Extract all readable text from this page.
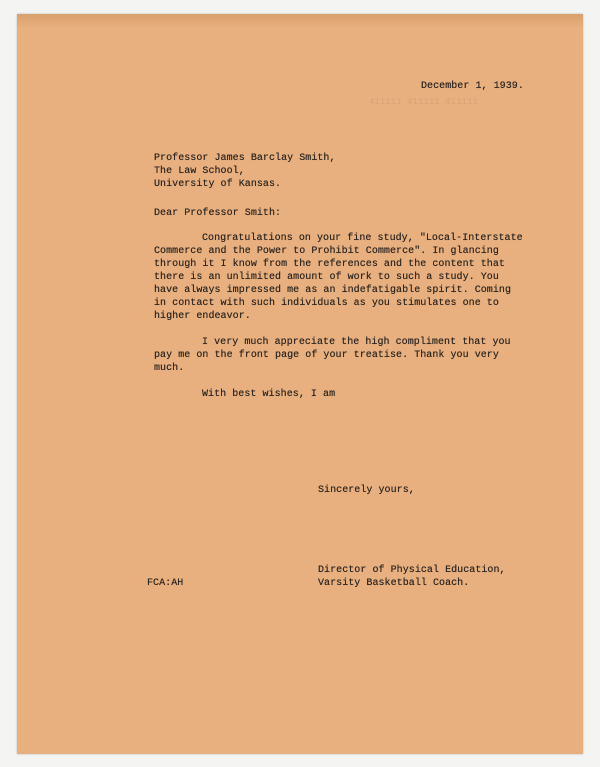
411111 411111 411111
December 1, 1939.
Professor James Barclay Smith,
The Law School,
University of Kansas.
Dear Professor Smith:
Congratulations on your fine study, "Local-Interstate
Commerce and the Power to Prohibit Commerce". In glancing
through it I know from the references and the content that
there is an unlimited amount of work to such a study. You
have always impressed me as an indefatigable spirit. Coming
in contact with such individuals as you stimulates one to
higher endeavor.
I very much appreciate the high compliment that you
pay me on the front page of your treatise. Thank you very
much.
With best wishes, I am
Sincerely yours,
Director of Physical Education,
Varsity Basketball Coach.
FCA:AH
